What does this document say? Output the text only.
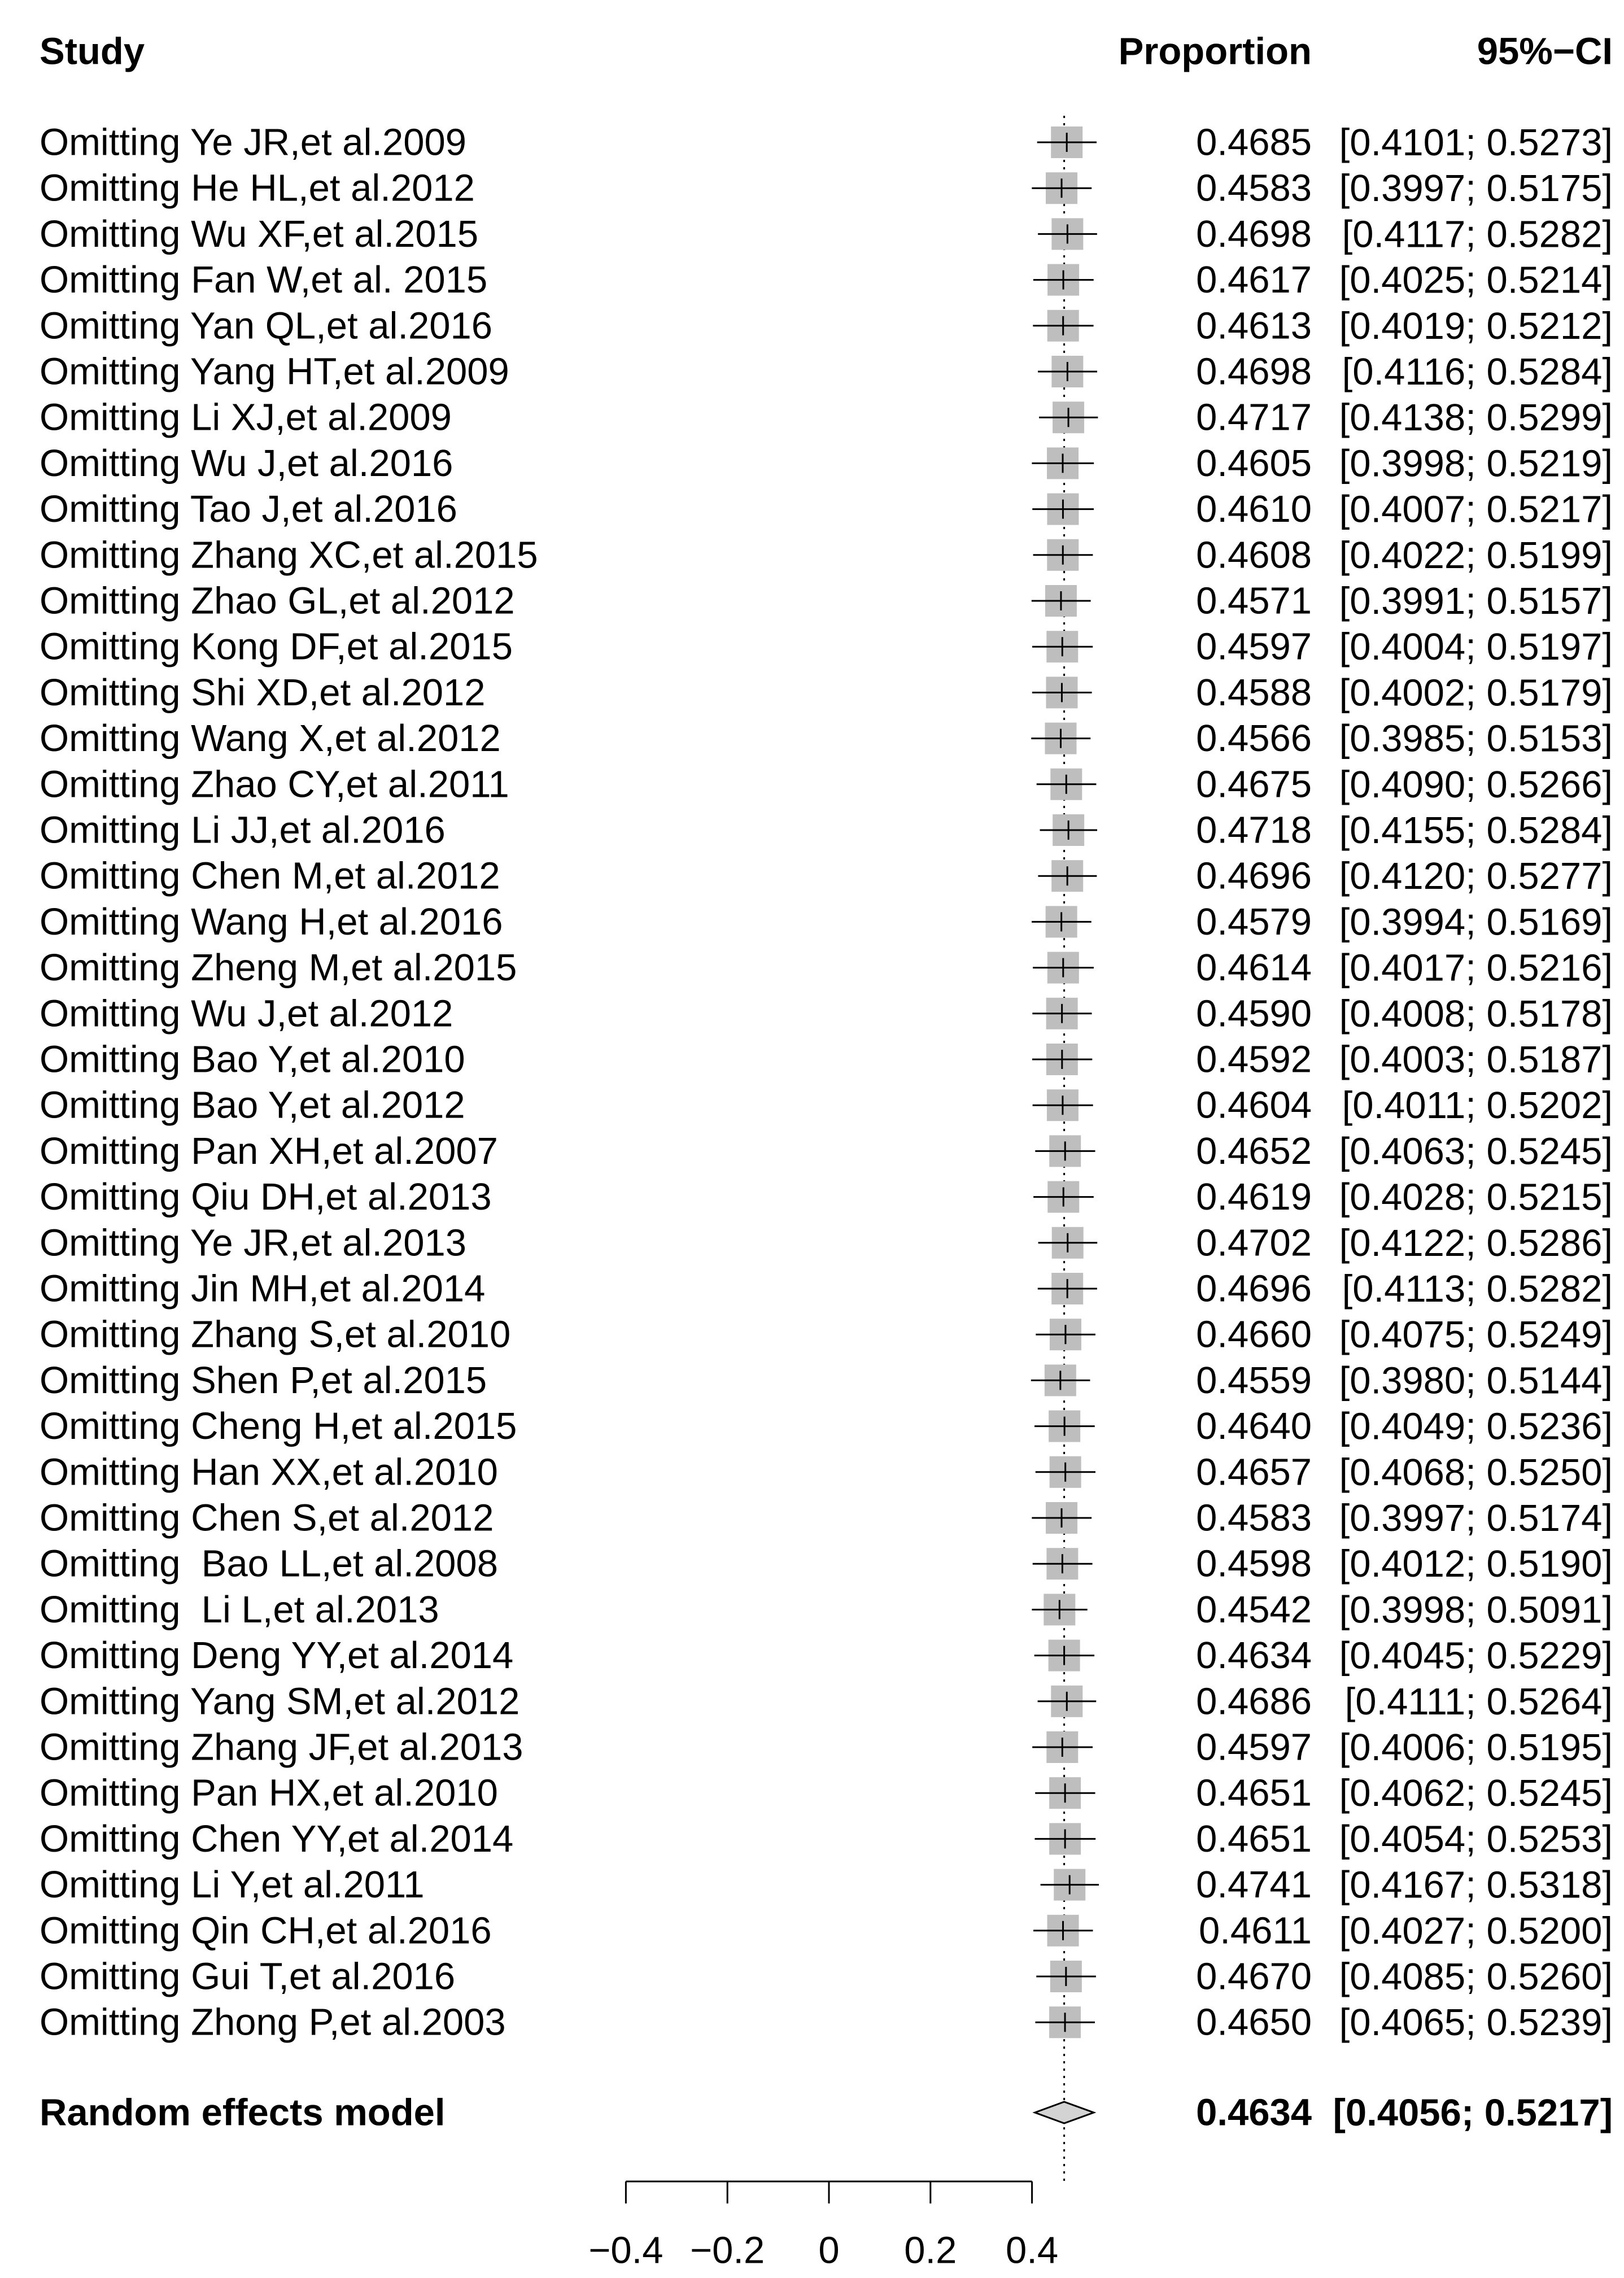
Study	Proportion	95%−CI
Omitting Ye JR,et al.2009	0.4685 [0.4101; 0.5273]
Omitting He HL,et al.2012	0.4583 [0.3997; 0.5175]
Omitting Wu XF,et al.2015	0.4698 [0.4117; 0.5282]
Omitting Fan W,et al. 2015	0.4617 [0.4025; 0.5214]
Omitting Yan QL,et al.2016	0.4613 [0.4019; 0.5212]
Omitting Yang HT,et al.2009	0.4698 [0.4116; 0.5284]
Omitting Li XJ,et al.2009	0.4717 [0.4138; 0.5299]
Omitting Wu J,et al.2016	0.4605 [0.3998; 0.5219]
Omitting Tao J,et al.2016	0.4610 [0.4007; 0.5217]
Omitting Zhang XC,et al.2015	0.4608 [0.4022; 0.5199]
Omitting Zhao GL,et al.2012	0.4571 [0.3991; 0.5157]
Omitting Kong DF,et al.2015	0.4597 [0.4004; 0.5197]
Omitting Shi XD,et al.2012	0.4588 [0.4002; 0.5179]
Omitting Wang X,et al.2012	0.4566 [0.3985; 0.5153]
Omitting Zhao CY,et al.2011	0.4675 [0.4090; 0.5266]
Omitting Li JJ,et al.2016	0.4718 [0.4155; 0.5284]
Omitting Chen M,et al.2012	0.4696 [0.4120; 0.5277]
Omitting Wang H,et al.2016	0.4579 [0.3994; 0.5169]
Omitting Zheng M,et al.2015	0.4614 [0.4017; 0.5216]
Omitting Wu J,et al.2012	0.4590 [0.4008; 0.5178]
Omitting Bao Y,et al.2010	0.4592 [0.4003; 0.5187]
Omitting Bao Y,et al.2012	0.4604 [0.4011; 0.5202]
Omitting Pan XH,et al.2007	0.4652 [0.4063; 0.5245]
Omitting Qiu DH,et al.2013	0.4619 [0.4028; 0.5215]
Omitting Ye JR,et al.2013	0.4702 [0.4122; 0.5286]
Omitting Jin MH,et al.2014	0.4696 [0.4113; 0.5282]
Omitting Zhang S,et al.2010	0.4660 [0.4075; 0.5249]
Omitting Shen P,et al.2015	0.4559 [0.3980; 0.5144]
Omitting Cheng H,et al.2015	0.4640 [0.4049; 0.5236]
Omitting Han XX,et al.2010	0.4657 [0.4068; 0.5250]
Omitting Chen S,et al.2012	0.4583 [0.3997; 0.5174]
Omitting  Bao LL,et al.2008	0.4598 [0.4012; 0.5190]
Omitting  Li L,et al.2013	0.4542 [0.3998; 0.5091]
Omitting Deng YY,et al.2014	0.4634 [0.4045; 0.5229]
Omitting Yang SM,et al.2012	0.4686 [0.4111; 0.5264]
Omitting Zhang JF,et al.2013	0.4597 [0.4006; 0.5195]
Omitting Pan HX,et al.2010	0.4651 [0.4062; 0.5245]
Omitting Chen YY,et al.2014	0.4651 [0.4054; 0.5253]
Omitting Li Y,et al.2011	0.4741 [0.4167; 0.5318]
Omitting Qin CH,et al.2016	0.4611 [0.4027; 0.5200]
Omitting Gui T,et al.2016	0.4670 [0.4085; 0.5260]
Omitting Zhong P,et al.2003	0.4650 [0.4065; 0.5239]
Random effects model	0.4634 [0.4056; 0.5217]
−0.4 −0.2 0 0.2 0.4
